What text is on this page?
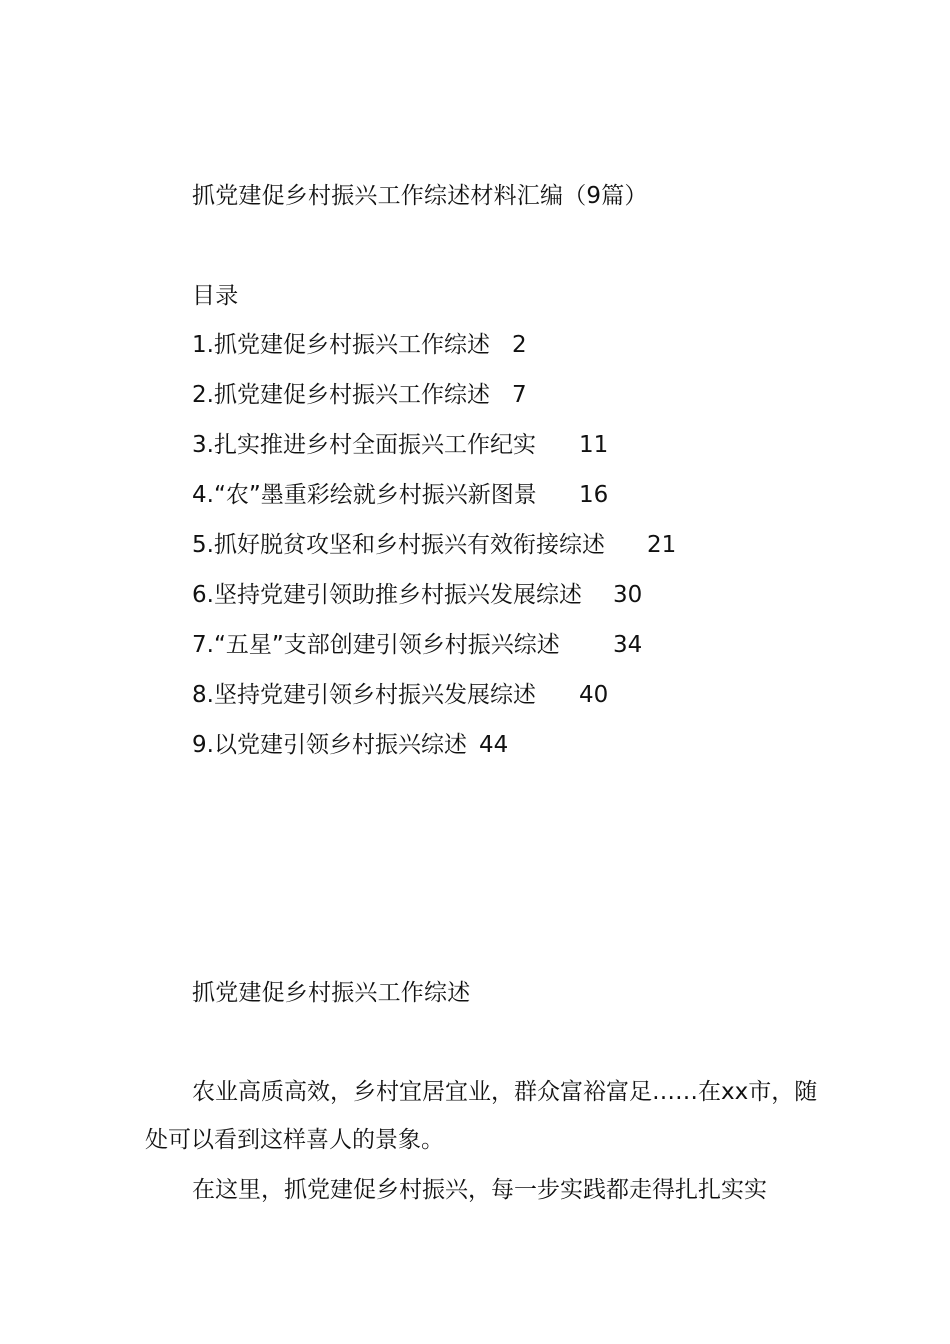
抓党建促乡村振兴工作综述材料汇编（9篇）
目录
1.抓党建促乡村振兴工作综述 2
2.抓党建促乡村振兴工作综述 7
3.扎实推进乡村全面振兴工作纪实 11
4.“农”墨重彩绘就乡村振兴新图景 16
5.抓好脱贫攻坚和乡村振兴有效衔接综述 21
6.坚持党建引领助推乡村振兴发展综述 30
7.“五星”支部创建引领乡村振兴综述 34
8.坚持党建引领乡村振兴发展综述 40
9.以党建引领乡村振兴综述 44
抓党建促乡村振兴工作综述
农业高质高效，乡村宜居宜业，群众富裕富足……在xx市，随处可以看到这样喜人的景象。
在这里，抓党建促乡村振兴，每一步实践都走得扎扎实实
